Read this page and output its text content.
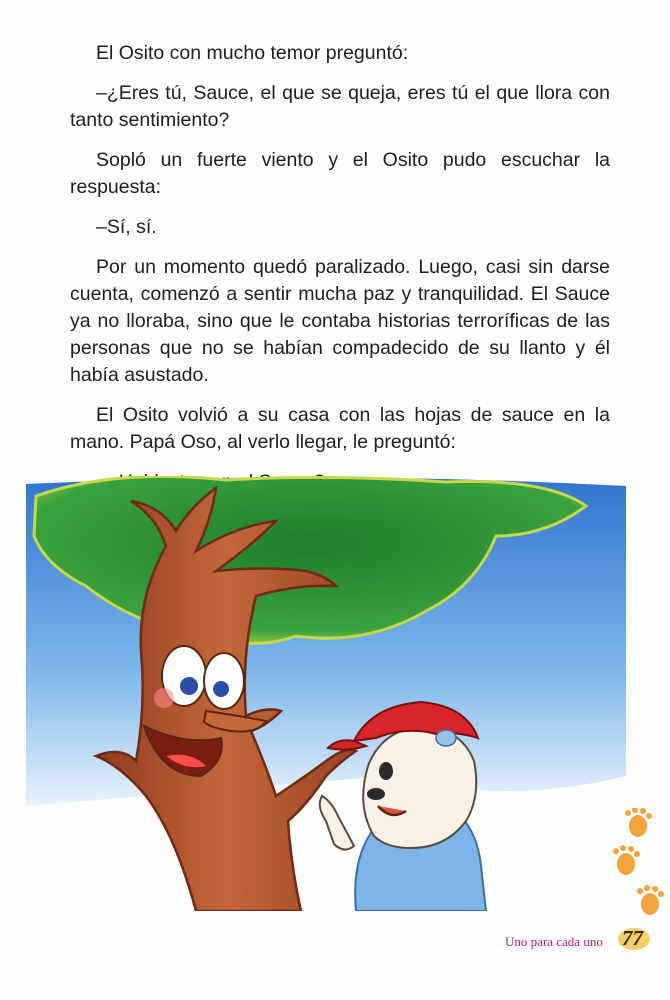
El Osito con mucho temor preguntó:

–¿Eres tú, Sauce, el que se queja, eres tú el que llora con tanto sentimiento?

Sopló un fuerte viento y el Osito pudo escuchar la respuesta:

–Sí, sí.

Por un momento quedó paralizado. Luego, casi sin darse cuenta, comenzó a sentir mucha paz y tranquilidad. El Sauce ya no lloraba, sino que le contaba historias terroríficas de las personas que no se habían compadecido de su llanto y él había asustado.

El Osito volvió a su casa con las hojas de sauce en la mano. Papá Oso, al verlo llegar, le preguntó:

Uno para cada uno 77
